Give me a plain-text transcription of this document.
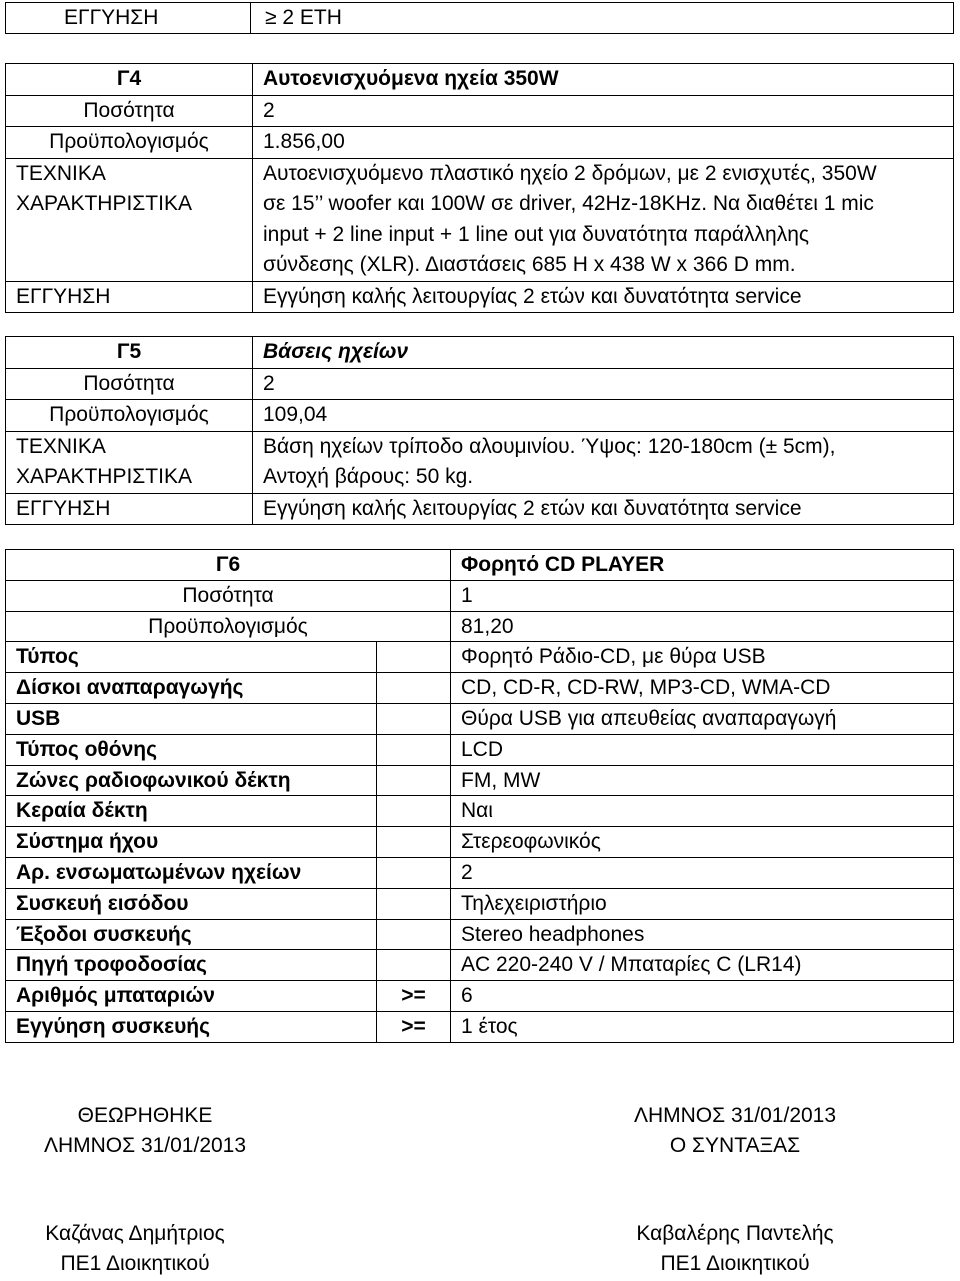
ΕΓΓΥΗΣΗ	≥ 2 ΕΤΗ
Γ4	Αυτοενισχυόμενα ηχεία 350W
Ποσότητα	2
Προϋπολογισμός	1.856,00

ΤΕΧΝΙΚΑ
ΧΑΡΑΚΤΗΡΙΣΤΙΚΑ	Αυτοενισχυόμενο πλαστικό ηχείο 2 δρόμων, με 2 ενισχυτές, 350W
σε 15’’ woofer και 100W σε driver, 42Hz-18KHz. Να διαθέτει 1 mic
input + 2 line input + 1 line out για δυνατότητα παράλληλης
σύνδεσης (XLR). Διαστάσεις 685 H x 438 W x 366 D mm.

ΕΓΓΥΗΣΗ	Εγγύηση καλής λειτουργίας 2 ετών και δυνατότητα service
Γ5	Βάσεις ηχείων
Ποσότητα	2
Προϋπολογισμός	109,04

ΤΕΧΝΙΚΑ
ΧΑΡΑΚΤΗΡΙΣΤΙΚΑ	Βάση ηχείων τρίποδο αλουμινίου. Ύψος: 120-180cm (± 5cm),
Αντοχή βάρους: 50 kg.

ΕΓΓΥΗΣΗ	Εγγύηση καλής λειτουργίας 2 ετών και δυνατότητα service
Γ6		Φορητό CD PLAYER
Ποσότητα		1
Προϋπολογισμός		81,20
Τύπος		Φορητό Ράδιο-CD, με θύρα USB
Δίσκοι αναπαραγωγής		CD, CD-R, CD-RW, MP3-CD, WMA-CD
USB		Θύρα USB για απευθείας αναπαραγωγή
Τύπος οθόνης		LCD
Ζώνες ραδιοφωνικού δέκτη		FM, MW
Κεραία δέκτη		Ναι
Σύστημα ήχου		Στερεοφωνικός
Αρ. ενσωματωμένων ηχείων		2
Συσκευή εισόδου		Τηλεχειριστήριο
Έξοδοι συσκευής		Stereo headphones
Πηγή τροφοδοσίας		AC 220-240 V / Μπαταρίες C (LR14)
Αριθμός μπαταριών	>=	6
Εγγύηση συσκευής	>=	1 έτος
ΘΕΩΡΗΘΗΚΕ
ΛΗΜΝΟΣ 31/01/2013
ΛΗΜΝΟΣ 31/01/2013
Ο ΣΥΝΤΑΞΑΣ
Καζάνας Δημήτριος
ΠΕ1 Διοικητικού
Καβαλέρης Παντελής
ΠΕ1 Διοικητικού
